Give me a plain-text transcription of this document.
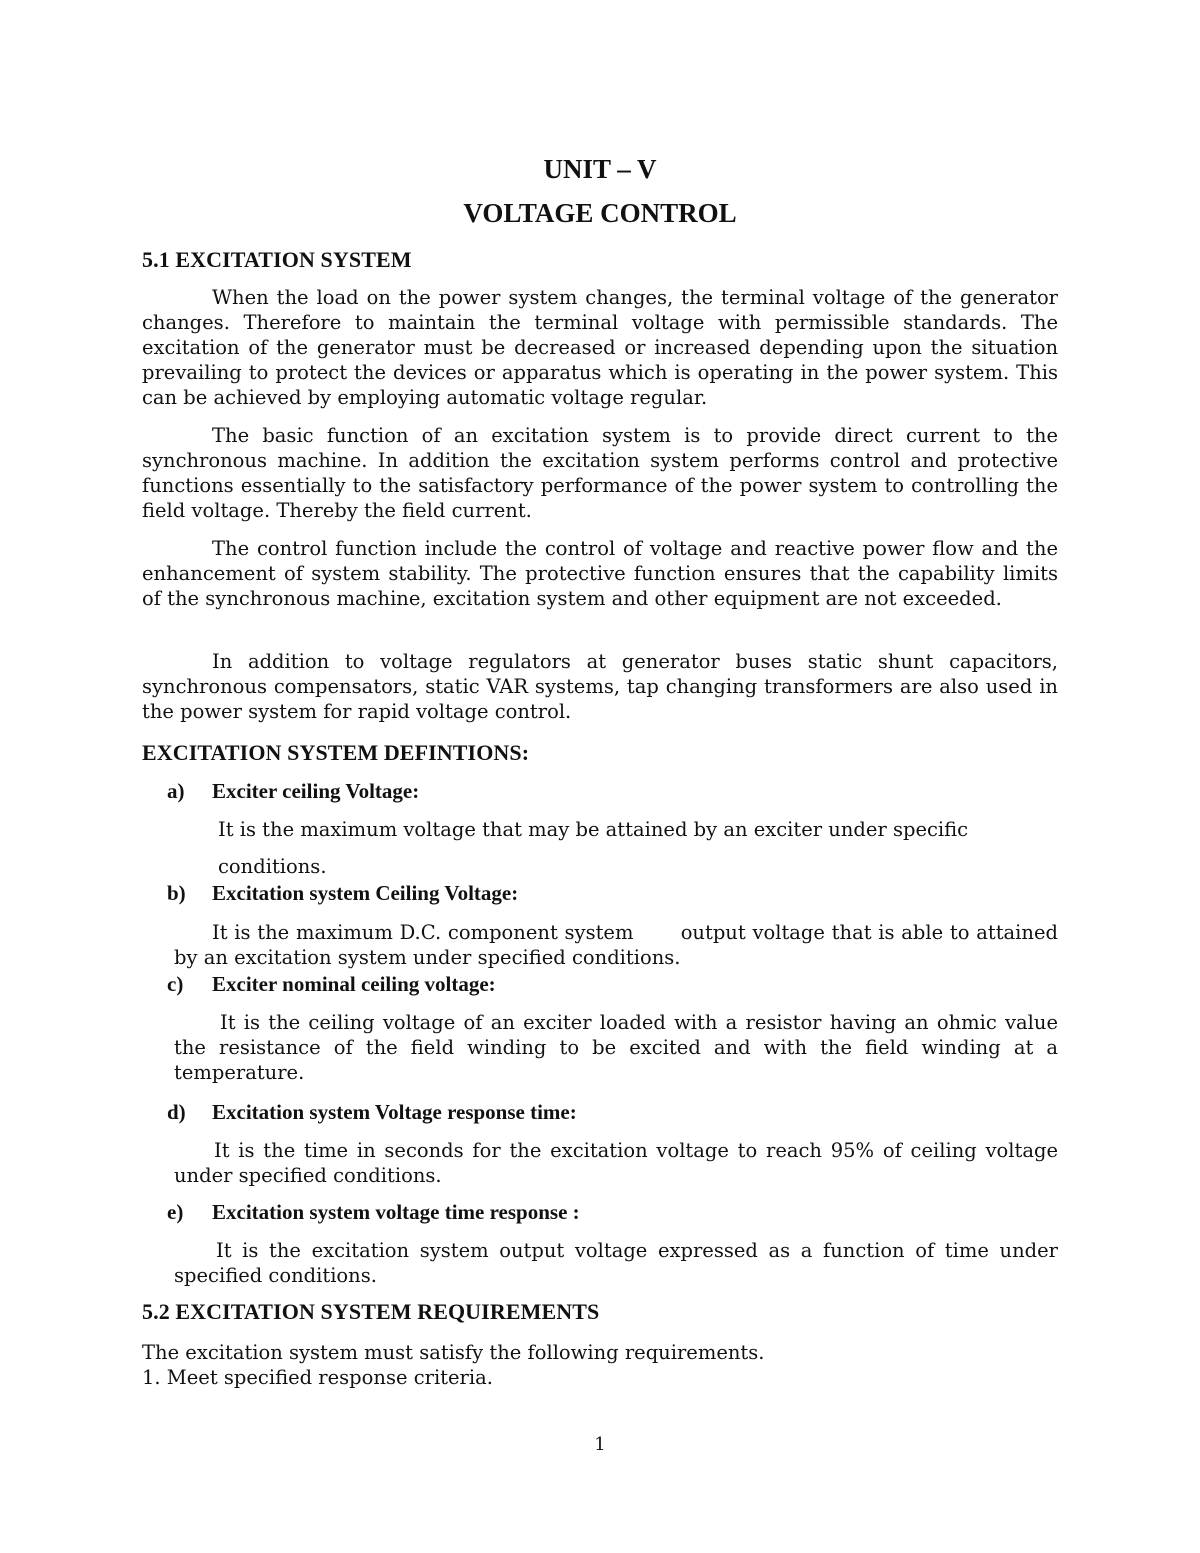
UNIT – V
VOLTAGE CONTROL
5.1 EXCITATION SYSTEM

When the load on the power system changes, the terminal voltage of the generator changes. Therefore to maintain the terminal voltage with permissible standards. The excitation of the generator must be decreased or increased depending upon the situation prevailing to protect the devices or apparatus which is operating in the power system. This can be achieved by employing automatic voltage regular.

The basic function of an excitation system is to provide direct current to the synchronous machine. In addition the excitation system performs control and protective functions essentially to the satisfactory performance of the power system to controlling the field voltage. Thereby the field current.

The control function include the control of voltage and reactive power flow and the enhancement of system stability. The protective function ensures that the capability limits of the synchronous machine, excitation system and other equipment are not exceeded.

In addition to voltage regulators at generator buses static shunt capacitors, synchronous compensators, static VAR systems, tap changing transformers are also used in the power system for rapid voltage control.

EXCITATION SYSTEM DEFINTIONS:
a) Exciter ceiling Voltage:
It is the maximum voltage that may be attained by an exciter under specific
conditions.
b) Excitation system Ceiling Voltage:

It is the maximum D.C. component system       output voltage that is able to attained by an excitation system under specified conditions.

c) Exciter nominal ceiling voltage:

It is the ceiling voltage of an exciter loaded with a resistor having an ohmic value  the resistance of the field winding to be excited and with the field winding at a temperature.

d) Excitation system Voltage response time:

It is the time in seconds for the excitation voltage to reach 95% of ceiling voltage under specified conditions.

e) Excitation system voltage time response :

It is the excitation system output voltage expressed as a function of time under specified conditions.

5.2 EXCITATION SYSTEM REQUIREMENTS
The excitation system must satisfy the following requirements.
1. Meet specified response criteria.
1
